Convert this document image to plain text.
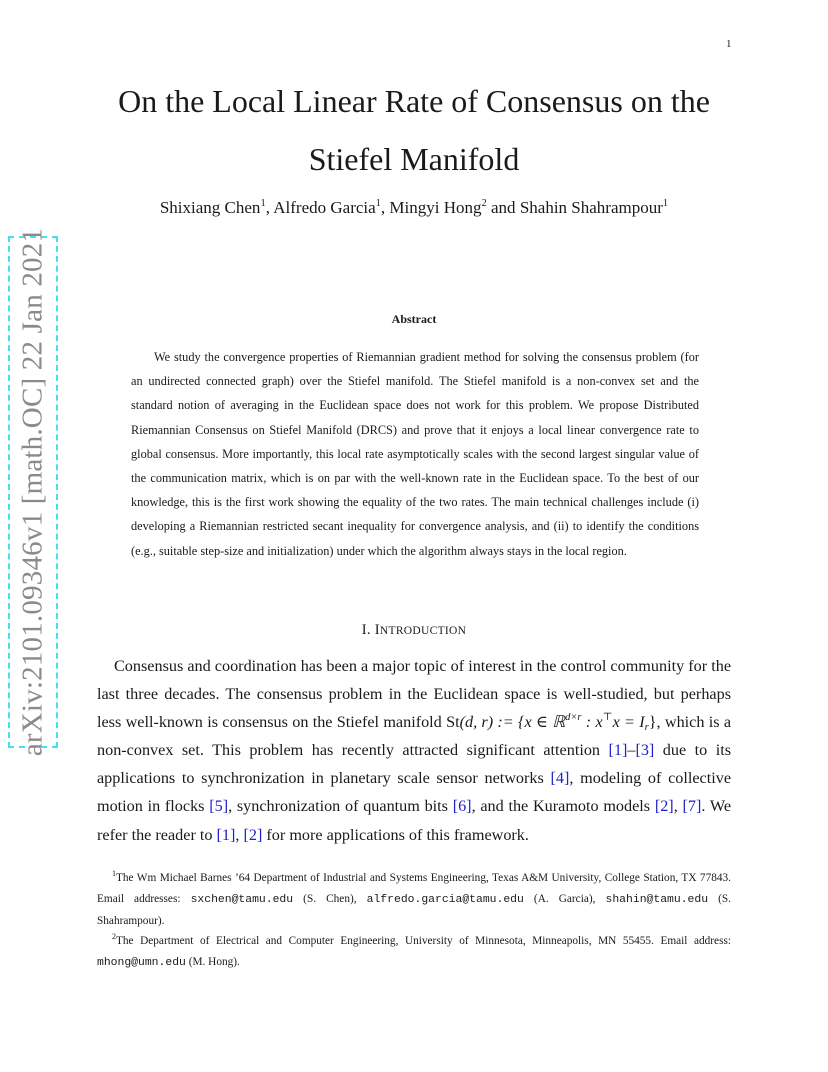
1
arXiv:2101.09346v1 [math.OC] 22 Jan 2021
On the Local Linear Rate of Consensus on the Stiefel Manifold
Shixiang Chen$^1$, Alfredo Garcia$^1$, Mingyi Hong$^2$ and Shahin Shahrampour$^1$
Abstract

We study the convergence properties of Riemannian gradient method for solving the consensus problem (for an undirected connected graph) over the Stiefel manifold. The Stiefel manifold is a non-convex set and the standard notion of averaging in the Euclidean space does not work for this problem. We propose Distributed Riemannian Consensus on Stiefel Manifold (DRCS) and prove that it enjoys a local linear convergence rate to global consensus. More importantly, this local rate asymptotically scales with the second largest singular value of the communication matrix, which is on par with the well-known rate in the Euclidean space. To the best of our knowledge, this is the first work showing the equality of the two rates. The main technical challenges include (i) developing a Riemannian restricted secant inequality for convergence analysis, and (ii) to identify the conditions (e.g., suitable step-size and initialization) under which the algorithm always stays in the local region.

I. INTRODUCTION

Consensus and coordination has been a major topic of interest in the control community for the last three decades. The consensus problem in the Euclidean space is well-studied, but perhaps less well-known is consensus on the Stiefel manifold St(d, r) := {x ∈ ℝ$^{d\times r}$ : x⊤x = Ir}, which is a non-convex set. This problem has recently attracted significant attention [1]–[3] due to its applications to synchronization in planetary scale sensor networks [4], modeling of collective motion in flocks [5], synchronization of quantum bits [6], and the Kuramoto models [2], [7]. We refer the reader to [1], [2] for more applications of this framework.

$^1$The Wm Michael Barnes ’64 Department of Industrial and Systems Engineering, Texas A&M University, College Station, TX 77843. Email addresses: sxchen@tamu.edu (S. Chen), alfredo.garcia@tamu.edu (A. Garcia), shahin@tamu.edu (S. Shahrampour).

$^2$The Department of Electrical and Computer Engineering, University of Minnesota, Minneapolis, MN 55455. Email address: mhong@umn.edu (M. Hong).
